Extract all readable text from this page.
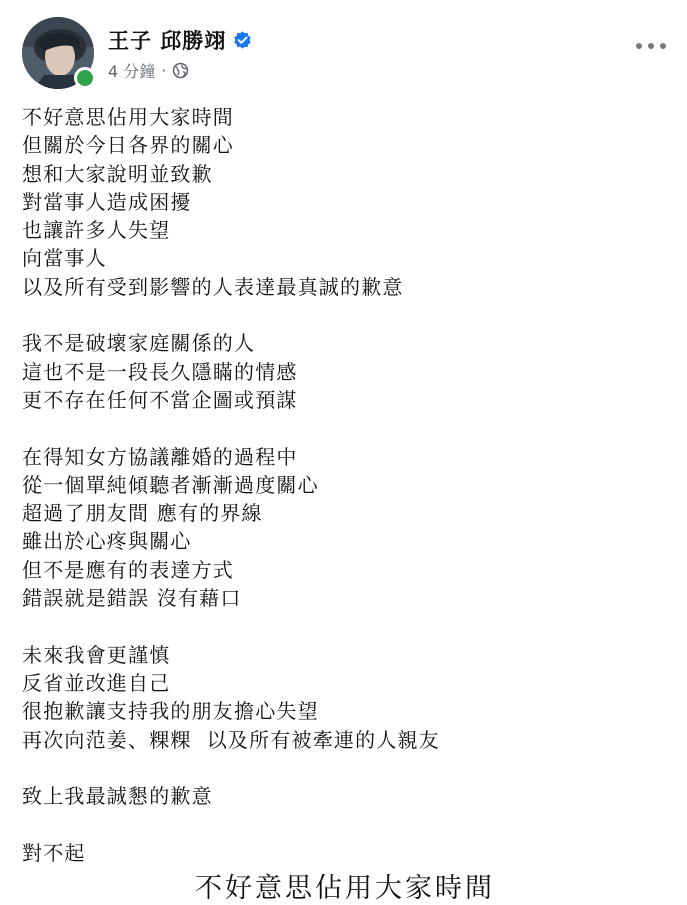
王子 邱勝翊
4 分鐘 ·
不好意思佔用大家時間
但關於今日各界的關心
想和大家說明並致歉
對當事人造成困擾
也讓許多人失望
向當事人
以及所有受到影響的人表達最真誠的歉意
我不是破壞家庭關係的人
這也不是一段長久隱瞞的情感
更不存在任何不當企圖或預謀
在得知女方協議離婚的過程中
從一個單純傾聽者漸漸過度關心
超過了朋友間 應有的界線
雖出於心疼與關心
但不是應有的表達方式
錯誤就是錯誤 沒有藉口
未來我會更謹慎
反省並改進自己
很抱歉讓支持我的朋友擔心失望
再次向范姜、粿粿  以及所有被牽連的人親友
致上我最誠懇的歉意
對不起
不好意思佔用大家時間
